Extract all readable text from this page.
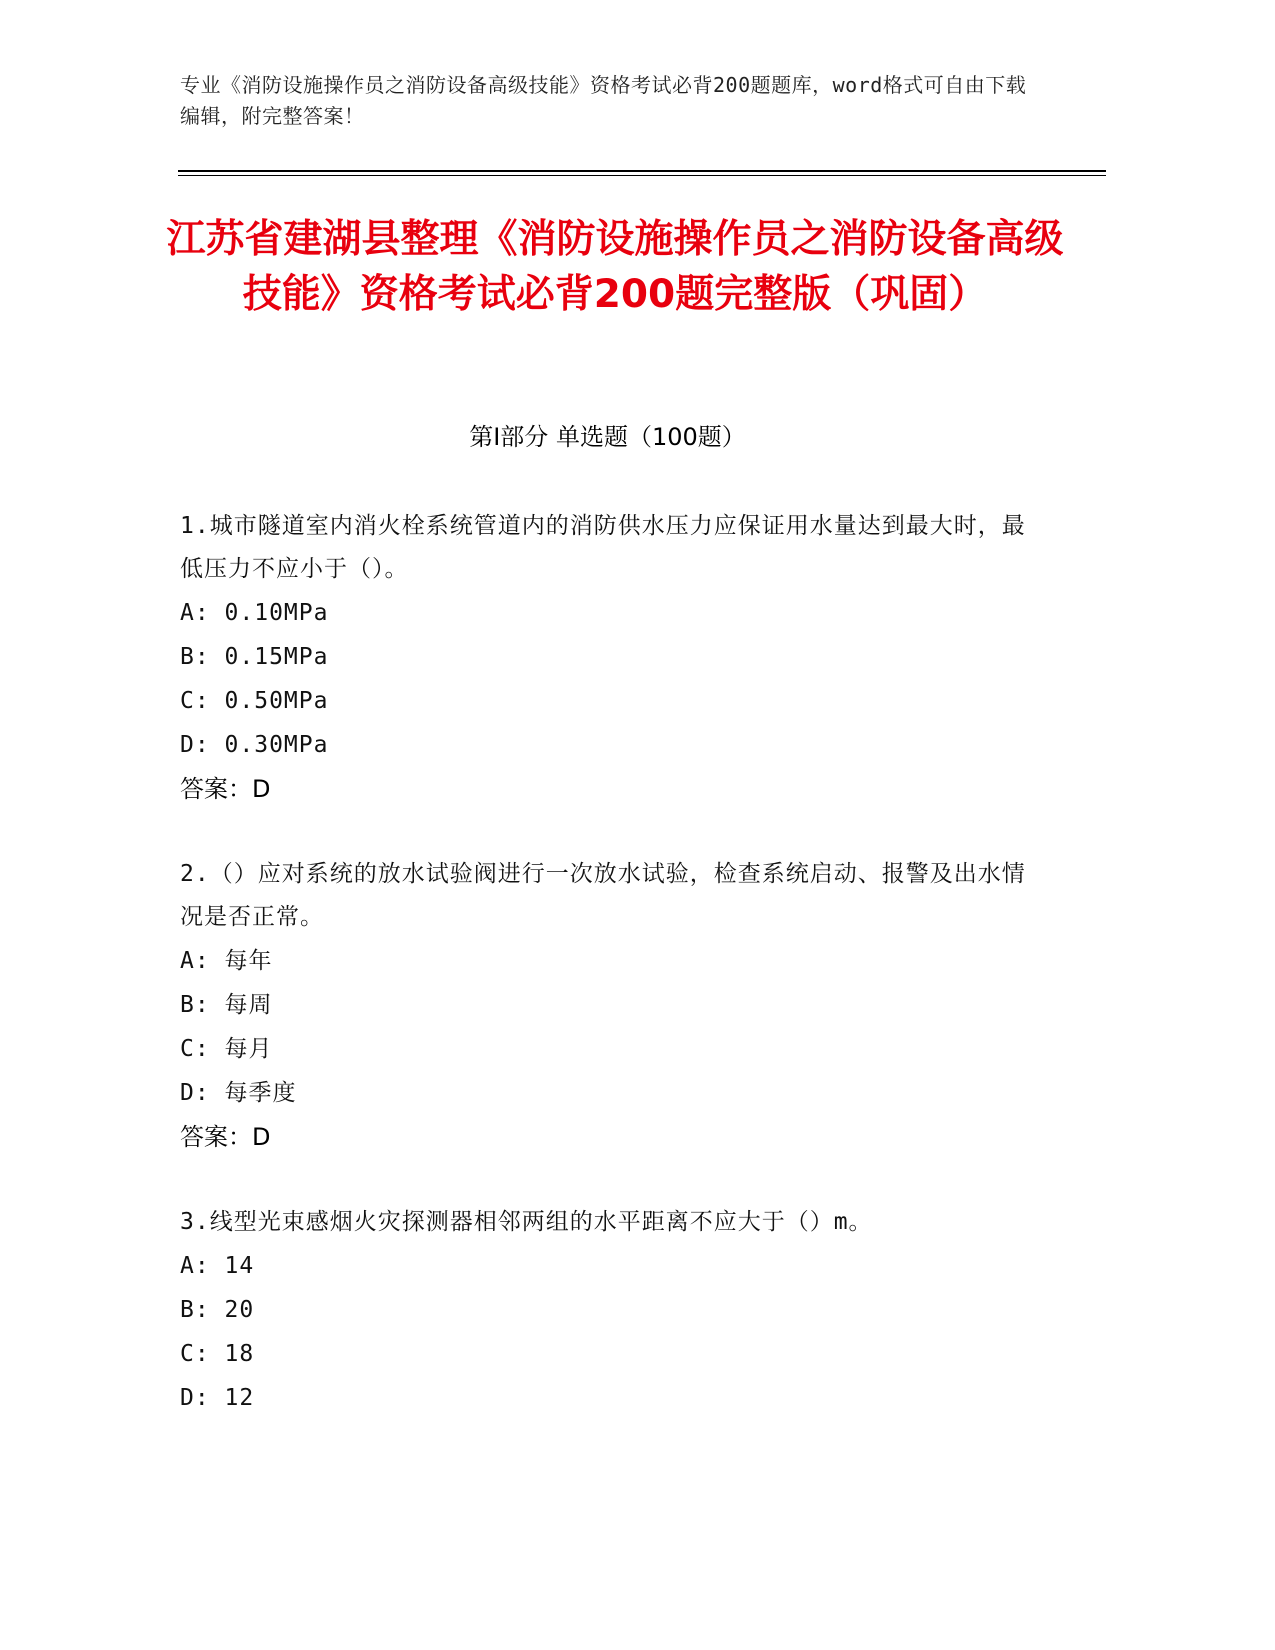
专业《消防设施操作员之消防设备高级技能》资格考试必背200题题库，word格式可自由下载编辑，附完整答案！
江苏省建湖县整理《消防设施操作员之消防设备高级技能》资格考试必背200题完整版（巩固）
第I部分 单选题（100题）
1.城市隧道室内消火栓系统管道内的消防供水压力应保证用水量达到最大时，最低压力不应小于（）。
A: 0.10MPa
B: 0.15MPa
C: 0.50MPa
D: 0.30MPa
答案：D
2.（）应对系统的放水试验阀进行一次放水试验，检查系统启动、报警及出水情况是否正常。
A: 每年
B: 每周
C: 每月
D: 每季度
答案：D
3.线型光束感烟火灾探测器相邻两组的水平距离不应大于（）m。
A: 14
B: 20
C: 18
D: 12
